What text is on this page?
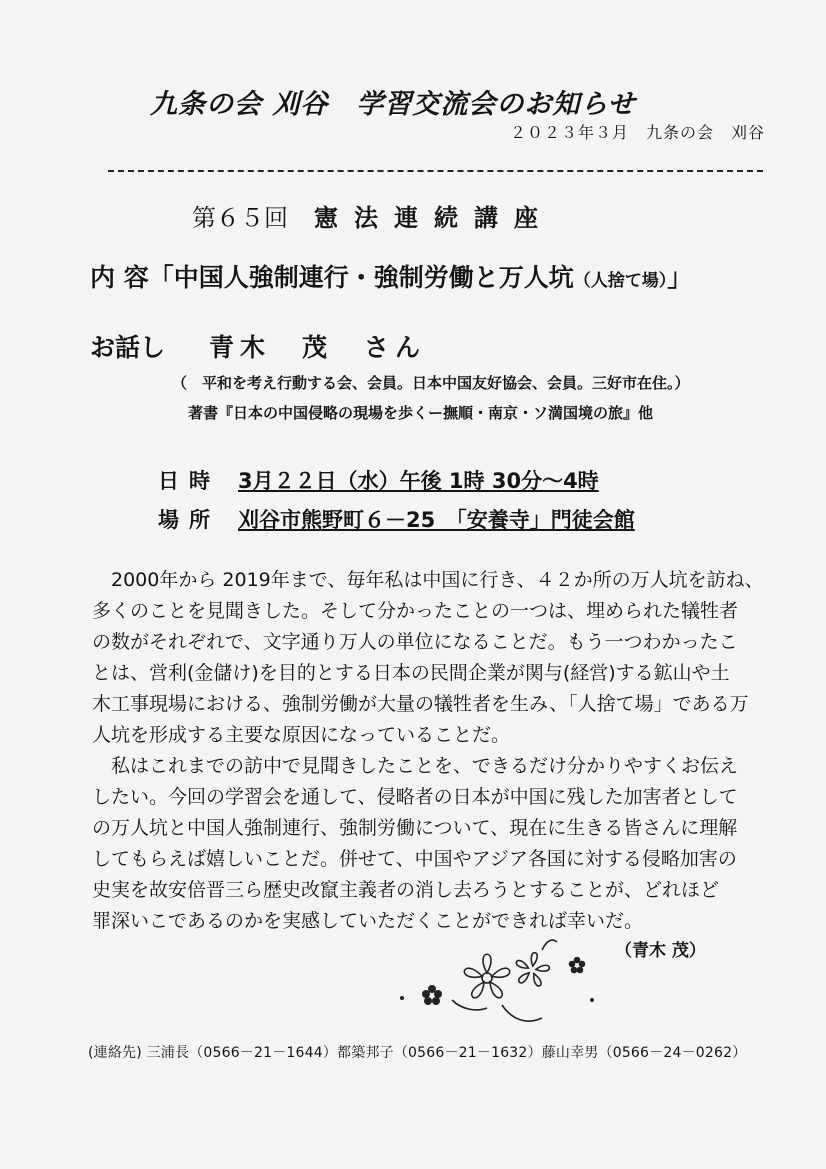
九条の会 刈谷　学習交流会のお知らせ
２０２３年３月　九条の会　刈谷
第６５回 憲法連続講座
内 容「中国人強制連行・強制労働と万人坑（人捨て場）」
お話し 青木　茂　さん
（　平和を考え行動する会、会員。日本中国友好協会、会員。三好市在住。）
著書『日本の中国侵略の現場を歩くー撫順・南京・ソ満国境の旅』他
日時 3月２２日（水）午後 1時 30分～4時
場所 刈谷市熊野町６－25　「安養寺」門徒会館

　2000年から 2019年まで、毎年私は中国に行き、４２か所の万人坑を訪ね、

多くのことを見聞きした。そして分かったことの一つは、埋められた犠牲者

の数がそれぞれで、文字通り万人の単位になることだ。もう一つわかったこ

とは、営利(金儲け)を目的とする日本の民間企業が関与(経営)する鉱山や土

木工事現場における、強制労働が大量の犠牲者を生み、「人捨て場」である万

人坑を形成する主要な原因になっていることだ。

　私はこれまでの訪中で見聞きしたことを、できるだけ分かりやすくお伝え

したい。今回の学習会を通して、侵略者の日本が中国に残した加害者として

の万人坑と中国人強制連行、強制労働について、現在に生きる皆さんに理解

してもらえば嬉しいことだ。併せて、中国やアジア各国に対する侵略加害の

史実を故安倍晋三ら歴史改竄主義者の消し去ろうとすることが、どれほど

罪深いこであるのかを実感していただくことができれば幸いだ。

（青木 茂）
(連絡先) 三浦長（0566－21－1644）都築邦子（0566－21－1632）藤山幸男（0566－24－0262）
